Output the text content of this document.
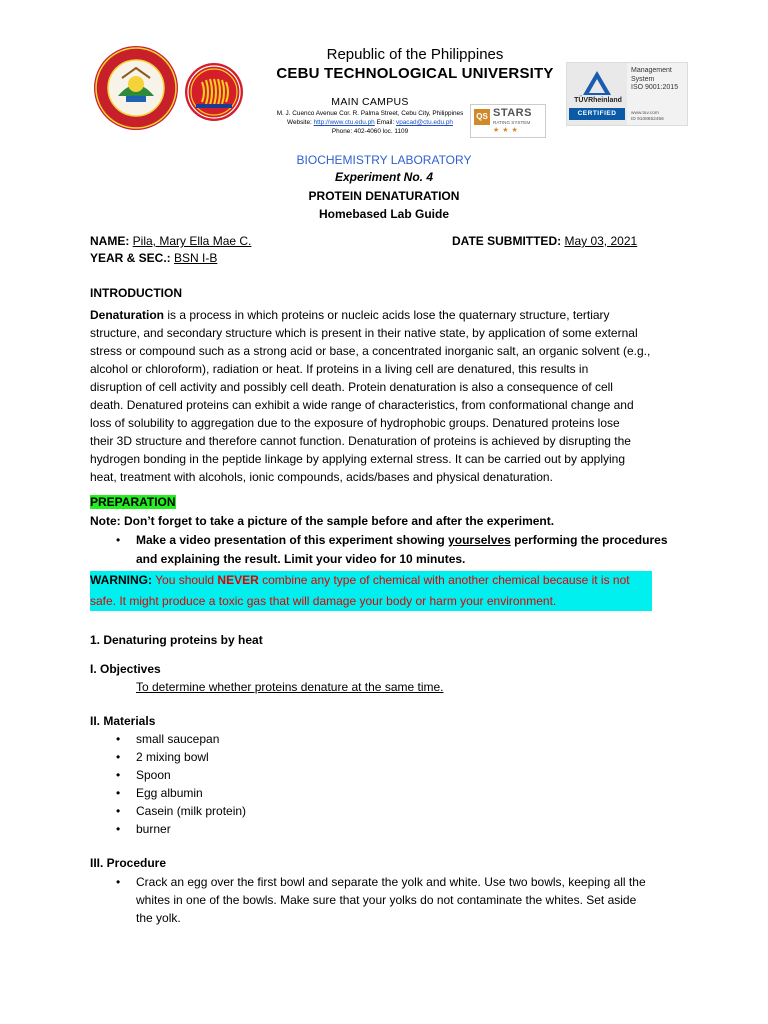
Republic of the Philippines
CEBU TECHNOLOGICAL UNIVERSITY
MAIN CAMPUS
M. J. Cuenco Avenue Cor. R. Palma Street, Cebu City, Philippines
Website: http://www.ctu.edu.ph Email: vpacad@ctu.edu.ph
Phone: 402-4060 loc. 1109
QS STARS
RATING SYSTEM
★★★
TÜVRheinland
CERTIFIED
Management
System
ISO 9001:2015
www.tuv.com
ID 9108652456
BIOCHEMISTRY LABORATORY
Experiment No. 4
PROTEIN DENATURATION
Homebased Lab Guide
NAME: Pila, Mary Ella Mae C.	DATE SUBMITTED: May 03, 2021
YEAR & SEC.: BSN I-B
INTRODUCTION
Denaturation is a process in which proteins or nucleic acids lose the quaternary structure, tertiary
structure, and secondary structure which is present in their native state, by application of some external
stress or compound such as a strong acid or base, a concentrated inorganic salt, an organic solvent (e.g.,
alcohol or chloroform), radiation or heat. If proteins in a living cell are denatured, this results in
disruption of cell activity and possibly cell death. Protein denaturation is also a consequence of cell
death. Denatured proteins can exhibit a wide range of characteristics, from conformational change and
loss of solubility to aggregation due to the exposure of hydrophobic groups. Denatured proteins lose
their 3D structure and therefore cannot function. Denaturation of proteins is achieved by disrupting the
hydrogen bonding in the peptide linkage by applying external stress. It can be carried out by applying
heat, treatment with alcohols, ionic compounds, acids/bases and physical denaturation.
PREPARATION
Note: Don’t forget to take a picture of the sample before and after the experiment.
• Make a video presentation of this experiment showing yourselves performing the procedures
and explaining the result. Limit your video for 10 minutes.
WARNING: You should NEVER combine any type of chemical with another chemical because it is not
safe. It might produce a toxic gas that will damage your body or harm your environment.
1. Denaturing proteins by heat
I. Objectives
To determine whether proteins denature at the same time.
II. Materials
• small saucepan
• 2 mixing bowl
• Spoon
• Egg albumin
• Casein (milk protein)
• burner
III. Procedure
• Crack an egg over the first bowl and separate the yolk and white. Use two bowls, keeping all the
whites in one of the bowls. Make sure that your yolks do not contaminate the whites. Set aside
the yolk.
